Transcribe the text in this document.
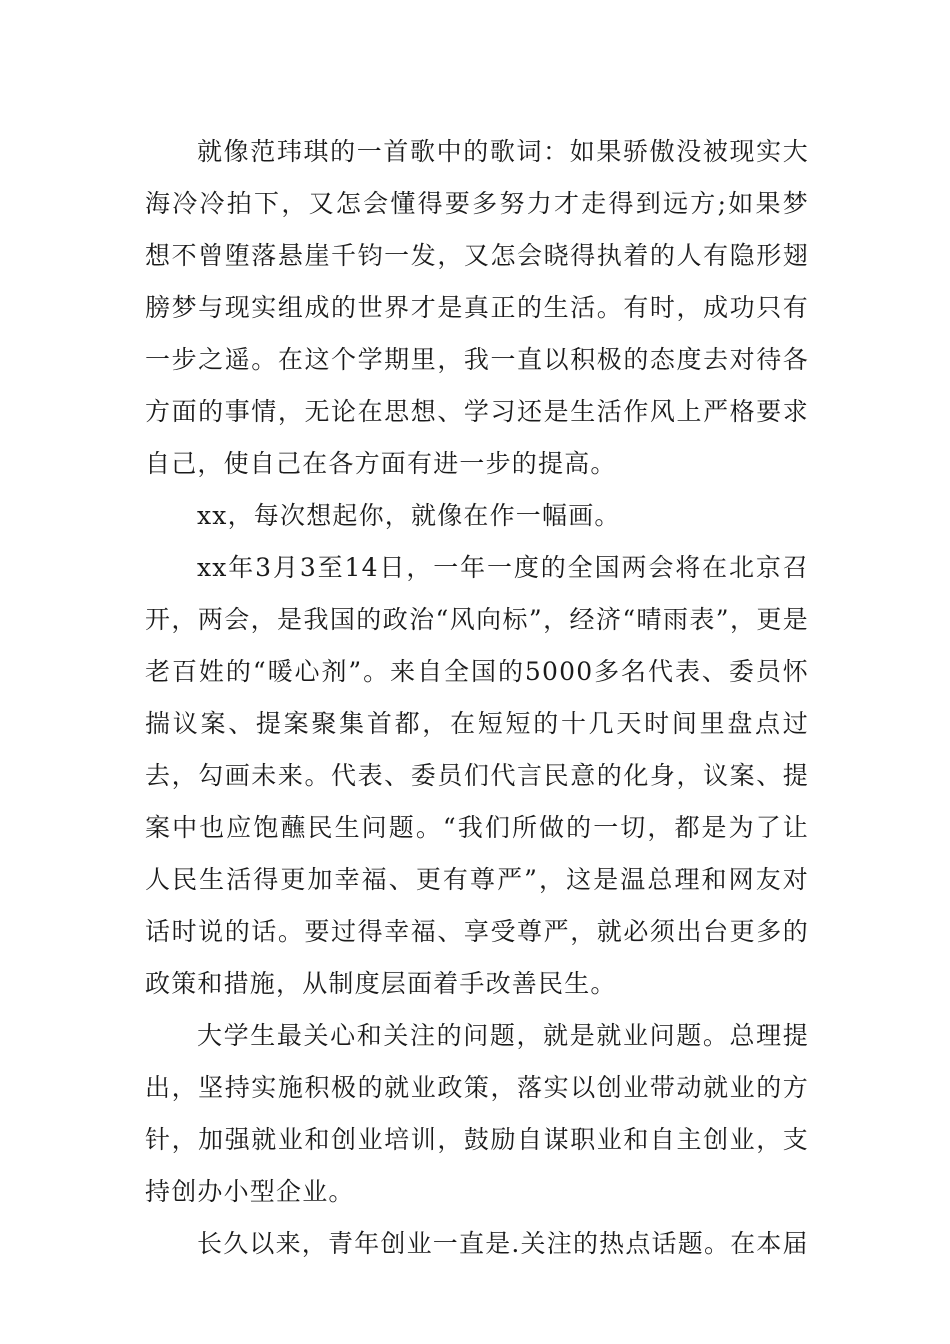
就像范玮琪的一首歌中的歌词：如果骄傲没被现实大海冷冷拍下，又怎会懂得要多努力才走得到远方;如果梦想不曾堕落悬崖千钧一发，又怎会晓得执着的人有隐形翅膀梦与现实组成的世界才是真正的生活。有时，成功只有一步之遥。在这个学期里，我一直以积极的态度去对待各方面的事情，无论在思想、学习还是生活作风上严格要求自己，使自己在各方面有进一步的提高。

xx，每次想起你，就像在作一幅画。

xx年3月3至14日，一年一度的全国两会将在北京召开，两会，是我国的政治“风向标”，经济“晴雨表”，更是老百姓的“暖心剂”。来自全国的5000多名代表、委员怀揣议案、提案聚集首都，在短短的十几天时间里盘点过去，勾画未来。代表、委员们代言民意的化身，议案、提案中也应饱蘸民生问题。“我们所做的一切，都是为了让人民生活得更加幸福、更有尊严”，这是温总理和网友对话时说的话。要过得幸福、享受尊严，就必须出台更多的政策和措施，从制度层面着手改善民生。

大学生最关心和关注的问题，就是就业问题。总理提出，坚持实施积极的就业政策，落实以创业带动就业的方针，加强就业和创业培训，鼓励自谋职业和自主创业，支持创办小型企业。

长久以来，青年创业一直是.关注的热点话题。在本届
